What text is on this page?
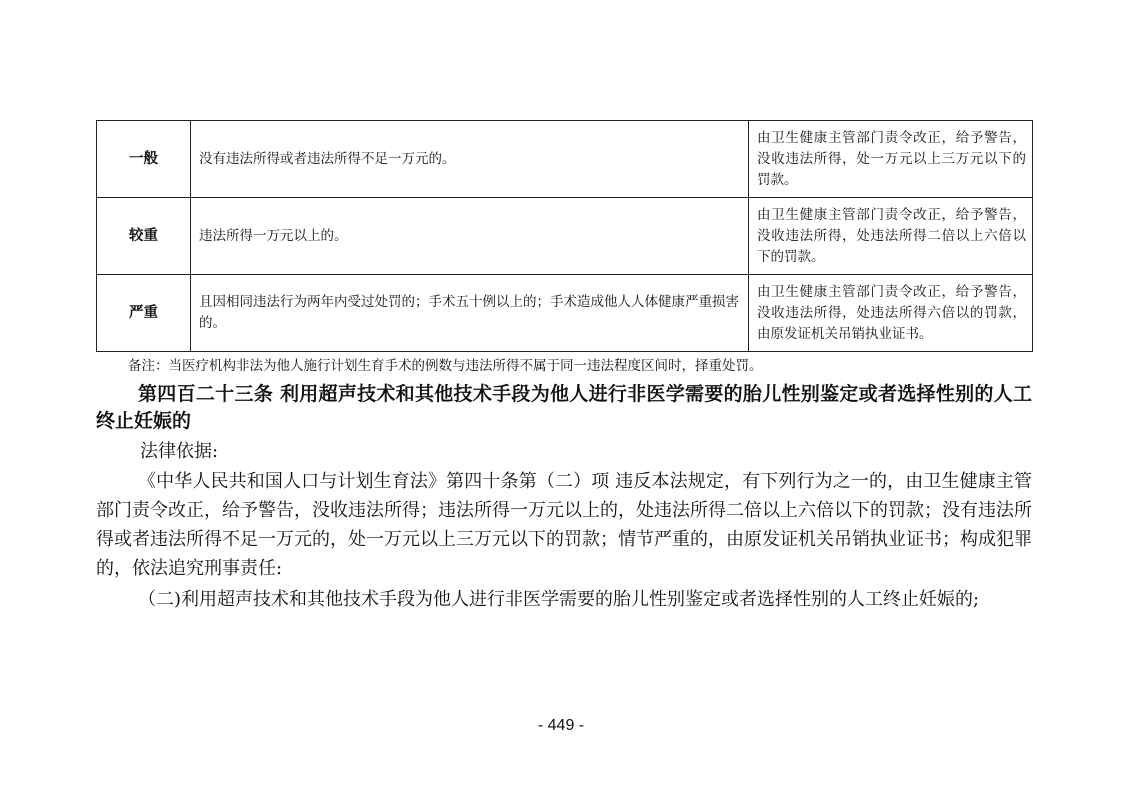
一般	没有违法所得或者违法所得不足一万元的。	由卫生健康主管部门责令改正，给予警告，没收违法所得，处一万元以上三万元以下的罚款。
较重	违法所得一万元以上的。	由卫生健康主管部门责令改正，给予警告，没收违法所得，处违法所得二倍以上六倍以下的罚款。
严重	且因相同违法行为两年内受过处罚的；手术五十例以上的；手术造成他人人体健康严重损害的。	由卫生健康主管部门责令改正，给予警告，没收违法所得，处违法所得六倍以的罚款，由原发证机关吊销执业证书。
备注：当医疗机构非法为他人施行计划生育手术的例数与违法所得不属于同一违法程度区间时，择重处罚。
第四百二十三条 利用超声技术和其他技术手段为他人进行非医学需要的胎儿性别鉴定或者选择性别的人工终止妊娠的
法律依据:
《中华人民共和国人口与计划生育法》第四十条第（二）项 违反本法规定，有下列行为之一的，由卫生健康主管部门责令改正，给予警告，没收违法所得；违法所得一万元以上的，处违法所得二倍以上六倍以下的罚款；没有违法所得或者违法所得不足一万元的，处一万元以上三万元以下的罚款；情节严重的，由原发证机关吊销执业证书；构成犯罪的，依法追究刑事责任:
（二)利用超声技术和其他技术手段为他人进行非医学需要的胎儿性别鉴定或者选择性别的人工终止妊娠的;
- 449 -
